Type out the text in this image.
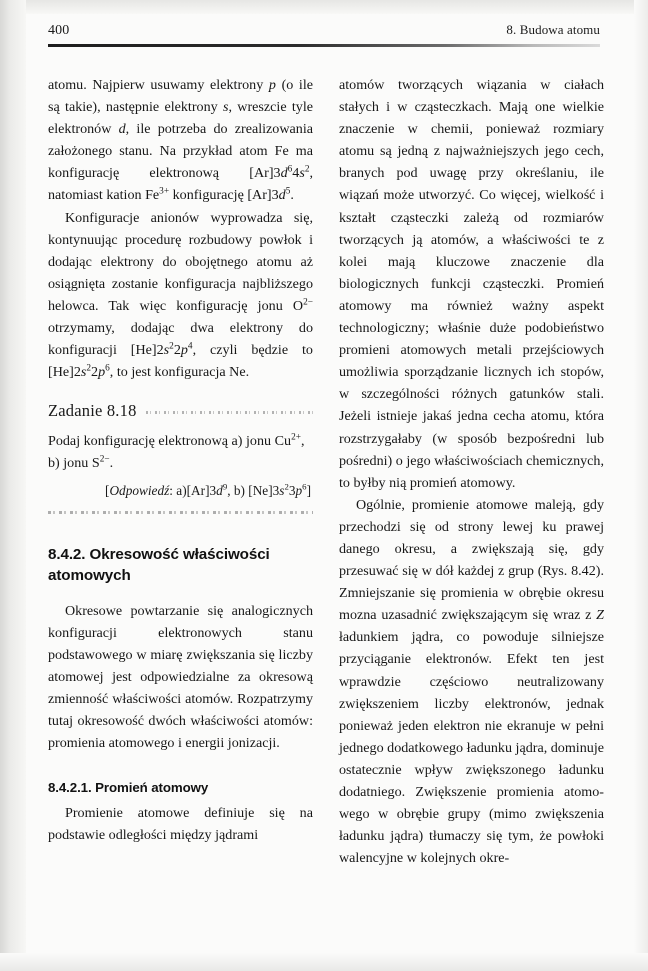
400	8. Budowa atomu

atomu. Najpierw usuwamy elektrony p (o ile są takie), następnie elektrony s, wreszcie tyle elektronów d, ile potrzeba do zrealizowania założonego stanu. Na przykład atom Fe ma konfigurację elektronową $[Ar]3d^64s^2$, natomiast kation $Fe^{3+}$ konfigurację $[Ar]3d^5$.

Konfiguracje anionów wyprowadza się, kontynuując procedurę rozbudowy powłok i dodając elektrony do obojętnego atomu aż osiągnięta zostanie konfiguracja najbliższego helowca. Tak więc konfigurację jonu $O^{2-}$ otrzymamy, dodając dwa elektrony do konfiguracji $[He]2s^22p^4$, czyli będzie to $[He]2s^22p^6$, to jest konfiguracja Ne.

Zadanie 8.18
Podaj konfigurację elektronową a) jonu $Cu^{2+}$, b) jonu $S^{2-}$.
[Odpowiedź: $a)[Ar]3d^9$, b) $[Ne]3s^23p^6$]
8.4.2. Okresowość właściwości atomowych

Okresowe powtarzanie się analogicznych konfiguracji elektronowych stanu podstawowego w miarę zwiększania się liczby atomowej jest odpowiedzialne za okresową zmienność właściwości atomów. Rozpatrzymy tutaj okresowość dwóch właściwości atomów: promienia atomowego i energii jonizacji.

8.4.2.1. Promień atomowy

Promienie atomowe definiuje się na podstawie odległości między jądrami

atomów tworzących wiązania w ciałach stałych i w cząsteczkach. Mają one wielkie znaczenie w chemii, ponieważ rozmiary atomu są jedną z najważniejszych jego cech, branych pod uwagę przy określaniu, ile wiązań może utworzyć. Co więcej, wielkość i kształt cząsteczki zależą od rozmiarów tworzących ją atomów, a właściwości te z kolei mają kluczowe znaczenie dla biologicznych funkcji cząsteczki. Promień atomowy ma również ważny aspekt technologiczny; właśnie duże podobieństwo promieni atomowych metali przejściowych umożliwia sporządzanie licznych ich stopów, w szczególności różnych gatunków stali. Jeżeli istnieje jakaś jedna cecha atomu, która rozstrzygałaby (w sposób bezpośredni lub pośredni) o jego właściwościach chemicznych, to byłby nią promień atomowy.

Ogólnie, promienie atomowe maleją, gdy przechodzi się od strony lewej ku prawej danego okresu, a zwiększają się, gdy przesuwać się w dół każdej z grup (Rys. 8.42). Zmniejszanie się promienia w obrębie okresu mozna uzasadnić zwiększającym się wraz z Z ładunkiem jądra, co powoduje silniejsze przyciąganie elektronów. Efekt ten jest wprawdzie częściowo neutralizowany zwiększeniem liczby elektronów, jednak ponieważ jeden elektron nie ekranuje w pełni jednego dodatkowego ładunku jądra, dominuje ostatecznie wpływ zwiększonego ładunku dodatniego. Zwiększenie promienia atomowego w obrębie grupy (mimo zwiększenia ładunku jądra) tłumaczy się tym, że powłoki walencyjne w kolejnych okre-
